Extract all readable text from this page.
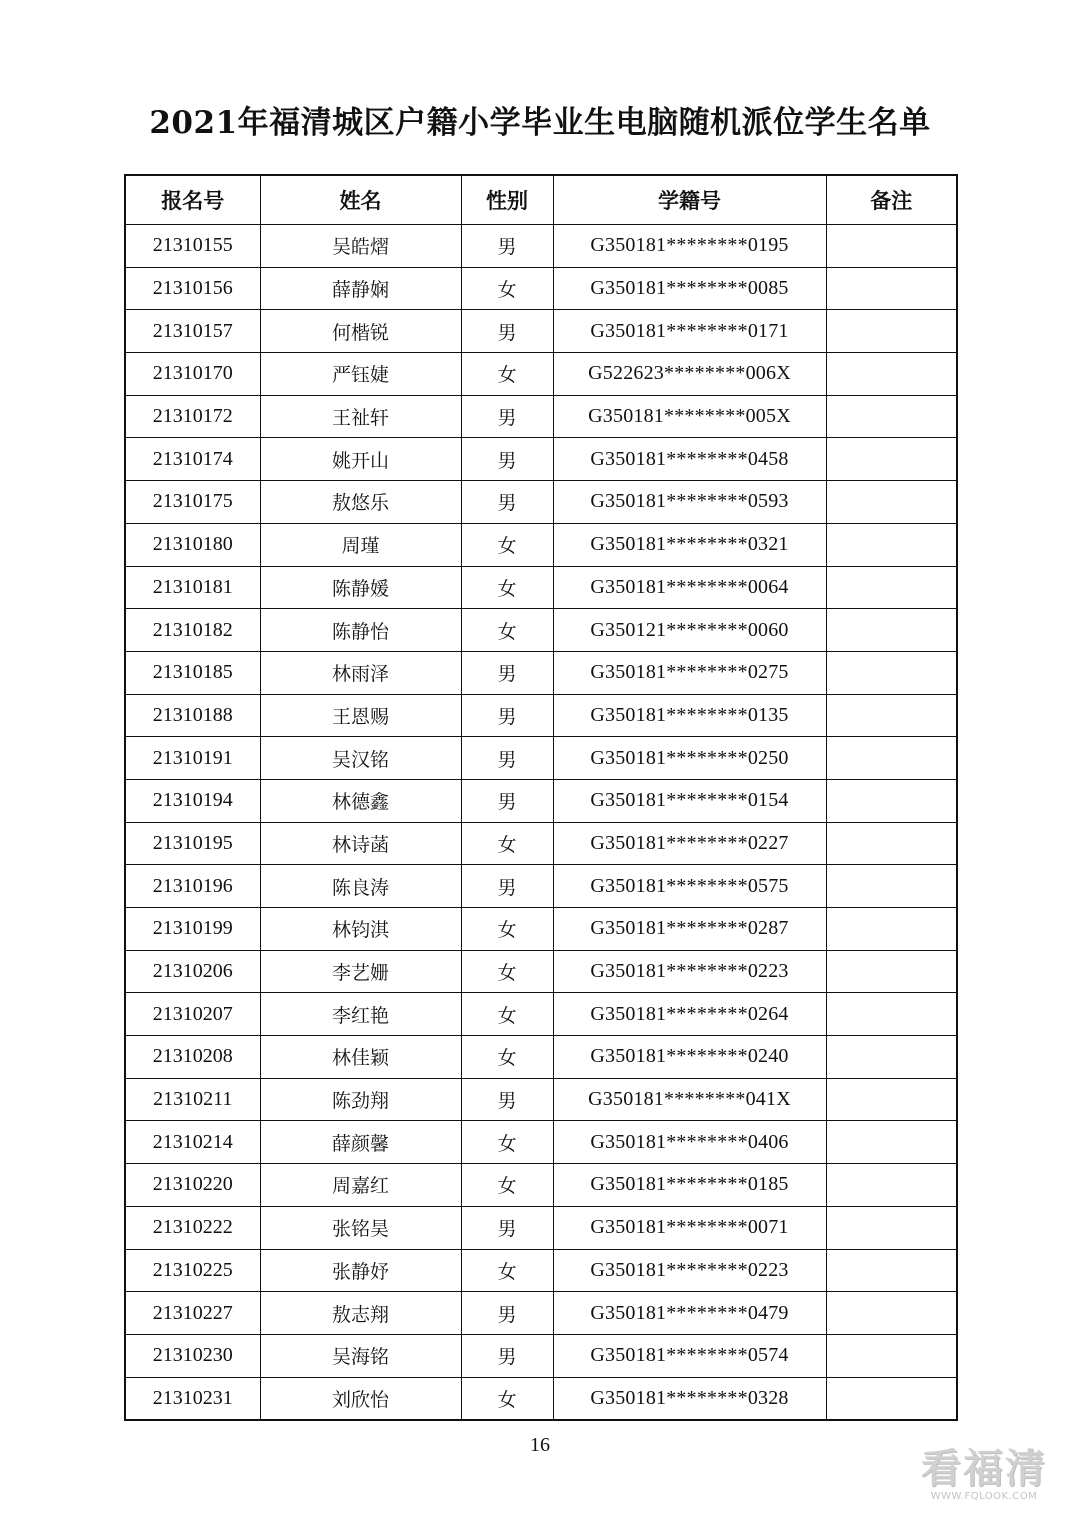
2021年福清城区户籍小学毕业生电脑随机派位学生名单
报名号	姓名	性别	学籍号	备注
21310155	吴皓熠	男	G350181********0195	
21310156	薛静娴	女	G350181********0085	
21310157	何楷锐	男	G350181********0171	
21310170	严钰婕	女	G522623********006X	
21310172	王祉轩	男	G350181********005X	
21310174	姚开山	男	G350181********0458	
21310175	敖悠乐	男	G350181********0593	
21310180	周瑾	女	G350181********0321	
21310181	陈静媛	女	G350181********0064	
21310182	陈静怡	女	G350121********0060	
21310185	林雨泽	男	G350181********0275	
21310188	王恩赐	男	G350181********0135	
21310191	吴汉铭	男	G350181********0250	
21310194	林德鑫	男	G350181********0154	
21310195	林诗菡	女	G350181********0227	
21310196	陈良涛	男	G350181********0575	
21310199	林钧淇	女	G350181********0287	
21310206	李艺姗	女	G350181********0223	
21310207	李红艳	女	G350181********0264	
21310208	林佳颖	女	G350181********0240	
21310211	陈劲翔	男	G350181********041X	
21310214	薛颜馨	女	G350181********0406	
21310220	周嘉红	女	G350181********0185	
21310222	张铭昊	男	G350181********0071	
21310225	张静妤	女	G350181********0223	
21310227	敖志翔	男	G350181********0479	
21310230	吴海铭	男	G350181********0574	
21310231	刘欣怡	女	G350181********0328	
16
看福清
WWW.FQLOOK.COM
